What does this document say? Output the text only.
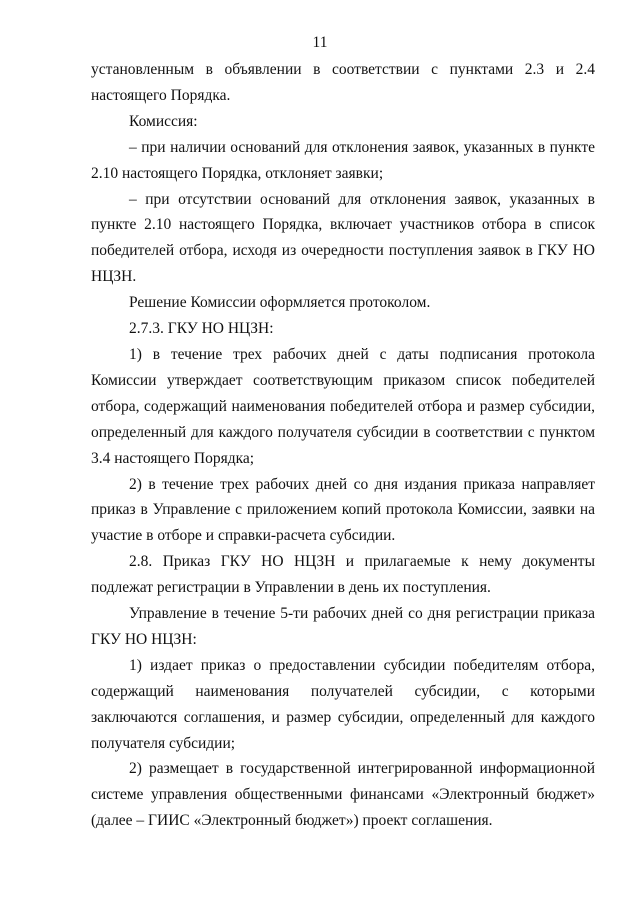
11

установленным в объявлении в соответствии с пунктами 2.3 и 2.4 настоящего Порядка.

Комиссия:

– при наличии оснований для отклонения заявок, указанных в пункте 2.10 настоящего Порядка, отклоняет заявки;

– при отсутствии оснований для отклонения заявок, указанных в пункте 2.10 настоящего Порядка, включает участников отбора в список победителей отбора, исходя из очередности поступления заявок в ГКУ НО НЦЗН.

Решение Комиссии оформляется протоколом.

2.7.3. ГКУ НО НЦЗН:

1) в течение трех рабочих дней с даты подписания протокола Комиссии утверждает соответствующим приказом список победителей отбора, содержащий наименования победителей отбора и размер субсидии, определенный для каждого получателя субсидии в соответствии с пунктом 3.4 настоящего Порядка;

2) в течение трех рабочих дней со дня издания приказа направляет приказ в Управление с приложением копий протокола Комиссии, заявки на участие в отборе и справки-расчета субсидии.

2.8. Приказ ГКУ НО НЦЗН и прилагаемые к нему документы подлежат регистрации в Управлении в день их поступления.

Управление в течение 5-ти рабочих дней со дня регистрации приказа ГКУ НО НЦЗН:

1) издает приказ о предоставлении субсидии победителям отбора, содержащий наименования получателей субсидии, с которыми заключаются соглашения, и размер субсидии, определенный для каждого получателя субсидии;

2) размещает в государственной интегрированной информационной системе управления общественными финансами «Электронный бюджет» (далее – ГИИС «Электронный бюджет») проект соглашения.
